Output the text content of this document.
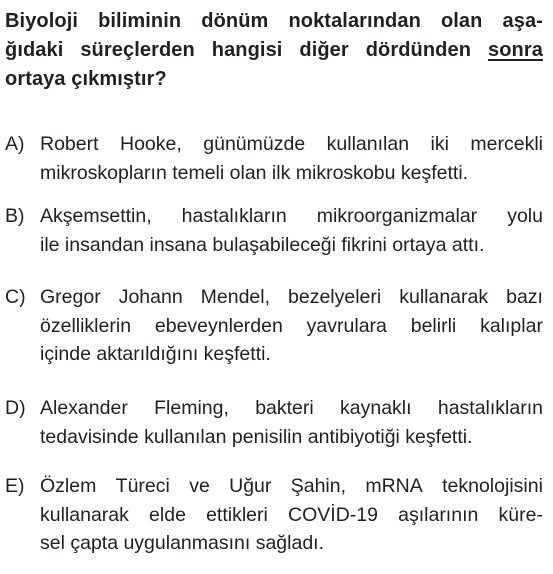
Biyoloji biliminin dönüm noktalarından olan aşa-
ğıdaki süreçlerden hangisi diğer dördünden sonra
ortaya çıkmıştır?
A) Robert Hooke, günümüzde kullanılan iki mercekli
mikroskopların temeli olan ilk mikroskobu keşfetti.
B) Akşemsettin, hastalıkların mikroorganizmalar yolu
ile insandan insana bulaşabileceği fikrini ortaya attı.
C) Gregor Johann Mendel, bezelyeleri kullanarak bazı
özelliklerin ebeveynlerden yavrulara belirli kalıplar
içinde aktarıldığını keşfetti.
D) Alexander Fleming, bakteri kaynaklı hastalıkların
tedavisinde kullanılan penisilin antibiyotiği keşfetti.
E) Özlem Türeci ve Uğur Şahin, mRNA teknolojisini
kullanarak elde ettikleri COVİD-19 aşılarının küre-
sel çapta uygulanmasını sağladı.
